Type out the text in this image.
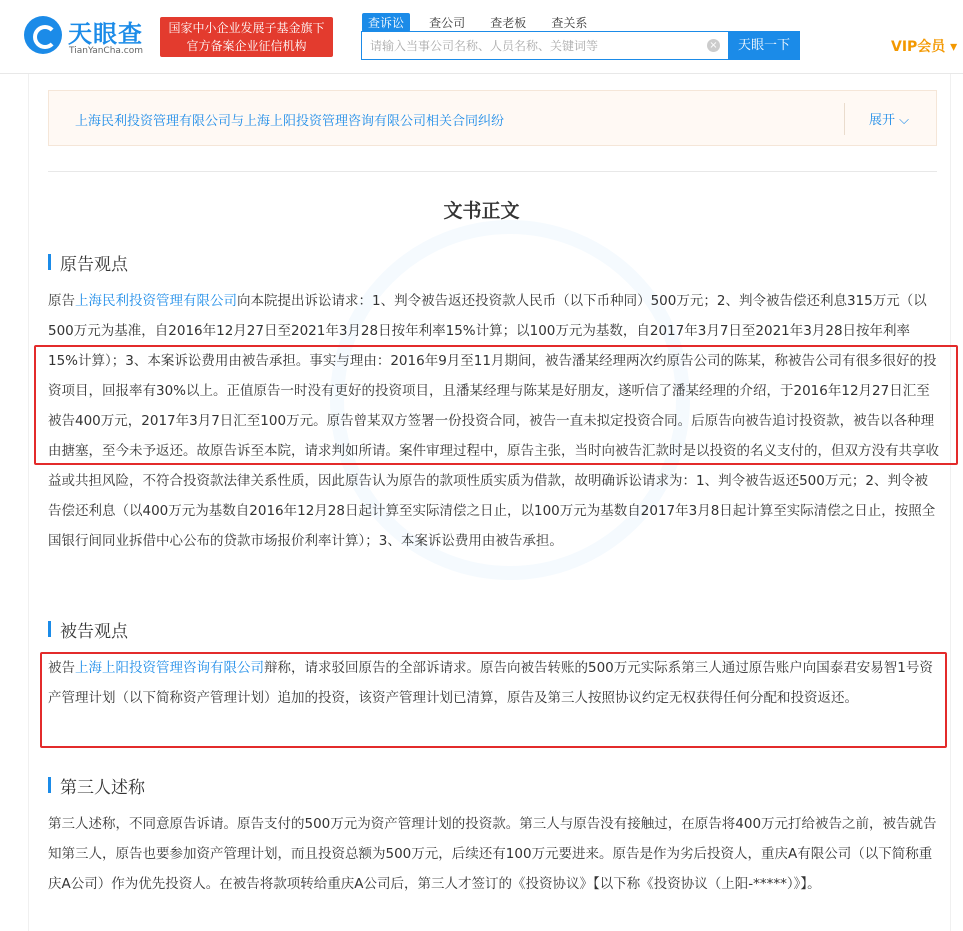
天眼查
TianYanCha.com
国家中小企业发展子基金旗下
官方备案企业征信机构
查诉讼 查公司 查老板 查关系
请输入当事公司名称、人员名称、关键词等
×	天眼一下	VIP会员 ▾
上海民利投资管理有限公司与上海上阳投资管理咨询有限公司相关合同纠纷	展开 ⌵
文书正文
原告观点
原告上海民利投资管理有限公司向本院提出诉讼请求：1、判令被告返还投资款人民币（以下币种同）500万元；2、判令被告偿还利息315万元（以500万元为基准，自2016年12月27日至2021年3月28日按年利率15%计算；以100万元为基数，自2017年3月7日至2021年3月28日按年利率15%计算）；3、本案诉讼费用由被告承担。事实与理由：2016年9月至11月期间，被告潘某经理两次约原告公司的陈某，称被告公司有很多很好的投资项目，回报率有30%以上。正值原告一时没有更好的投资项目，且潘某经理与陈某是好朋友，遂听信了潘某经理的介绍，于2016年12月27日汇至被告400万元，2017年3月7日汇至100万元。原告曾某双方签署一份投资合同，被告一直未拟定投资合同。后原告向被告追讨投资款，被告以各种理由搪塞，至今未予返还。故原告诉至本院，请求判如所请。案件审理过程中，原告主张，当时向被告汇款时是以投资的名义支付的，但双方没有共享收益或共担风险，不符合投资款法律关系性质，因此原告认为原告的款项性质实质为借款，故明确诉讼请求为：1、判令被告返还500万元；2、判令被告偿还利息（以400万元为基数自2016年12月28日起计算至实际清偿之日止，以100万元为基数自2017年3月8日起计算至实际清偿之日止，按照全国银行间同业拆借中心公布的贷款市场报价利率计算）；3、本案诉讼费用由被告承担。
被告观点
被告上海上阳投资管理咨询有限公司辩称，请求驳回原告的全部诉请求。原告向被告转账的500万元实际系第三人通过原告账户向国泰君安易智1号资产管理计划（以下简称资产管理计划）追加的投资，该资产管理计划已清算，原告及第三人按照协议约定无权获得任何分配和投资返还。
第三人述称
第三人述称，不同意原告诉请。原告支付的500万元为资产管理计划的投资款。第三人与原告没有接触过，在原告将400万元打给被告之前，被告就告知第三人，原告也要参加资产管理计划，而且投资总额为500万元，后续还有100万元要进来。原告是作为劣后投资人，重庆A有限公司（以下简称重庆A公司）作为优先投资人。在被告将款项转给重庆A公司后，第三人才签订的《投资协议》【以下称《投资协议（上阳-*****）》】。
